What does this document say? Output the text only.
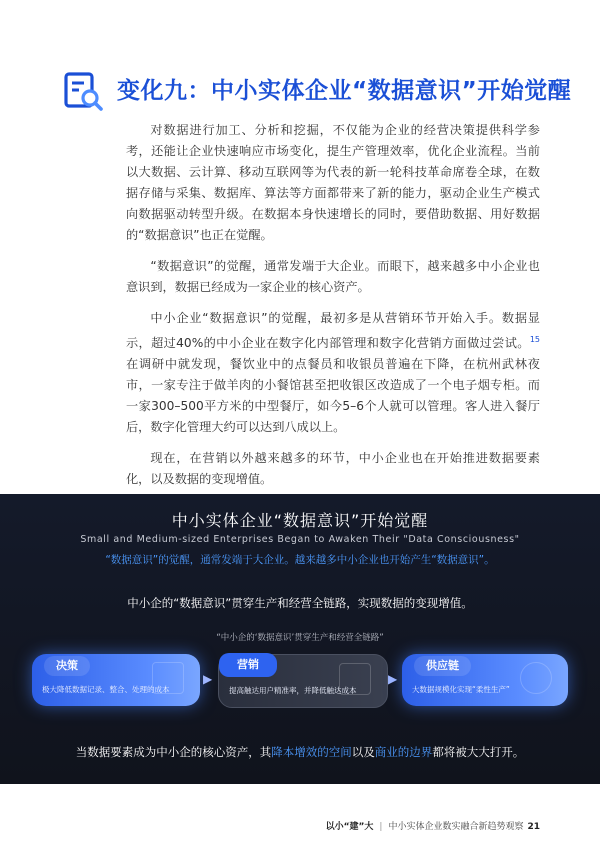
变化九：中小实体企业“数据意识”开始觉醒

对数据进行加工、分析和挖掘，不仅能为企业的经营决策提供科学参考，还能让企业快速响应市场变化，提生产管理效率，优化企业流程。当前以大数据、云计算、移动互联网等为代表的新一轮科技革命席卷全球，在数据存储与采集、数据库、算法等方面都带来了新的能力，驱动企业生产模式向数据驱动转型升级。在数据本身快速增长的同时，要借助数据、用好数据的“数据意识”也正在觉醒。

“数据意识”的觉醒，通常发端于大企业。而眼下，越来越多中小企业也意识到，数据已经成为一家企业的核心资产。

中小企业“数据意识”的觉醒，最初多是从营销环节开始入手。数据显示，超过40%的中小企业在数字化内部管理和数字化营销方面做过尝试。$^{15}$在调研中就发现，餐饮业中的点餐员和收银员普遍在下降，在杭州武林夜市，一家专注于做羊肉的小餐馆甚至把收银区改造成了一个电子烟专柜。而一家300–500平方米的中型餐厅，如今5–6个人就可以管理。客人进入餐厅后，数字化管理大约可以达到八成以上。

现在，在营销以外越来越多的环节，中小企业也在开始推进数据要素化，以及数据的变现增值。

中小实体企业“数据意识”开始觉醒
Small and Medium-sized Enterprises Began to Awaken Their "Data Consciousness"
“数据意识”的觉醒，通常发端于大企业。越来越多中小企业也开始产生“数据意识”。
中小企的“数据意识”贯穿生产和经营全链路，实现数据的变现增值。
“中小企的‘数据意识’贯穿生产和经营全链路”
决策
极大降低数据记录、整合、处理的成本
▶
营销
提高触达用户精准率，并降低触达成本
▶
供应链
大数据规模化实现“柔性生产”
当数据要素成为中小企的核心资产，其降本增效的空间以及商业的边界都将被大大打开。
以小“建”大 | 中小实体企业数实融合新趋势观察 21
